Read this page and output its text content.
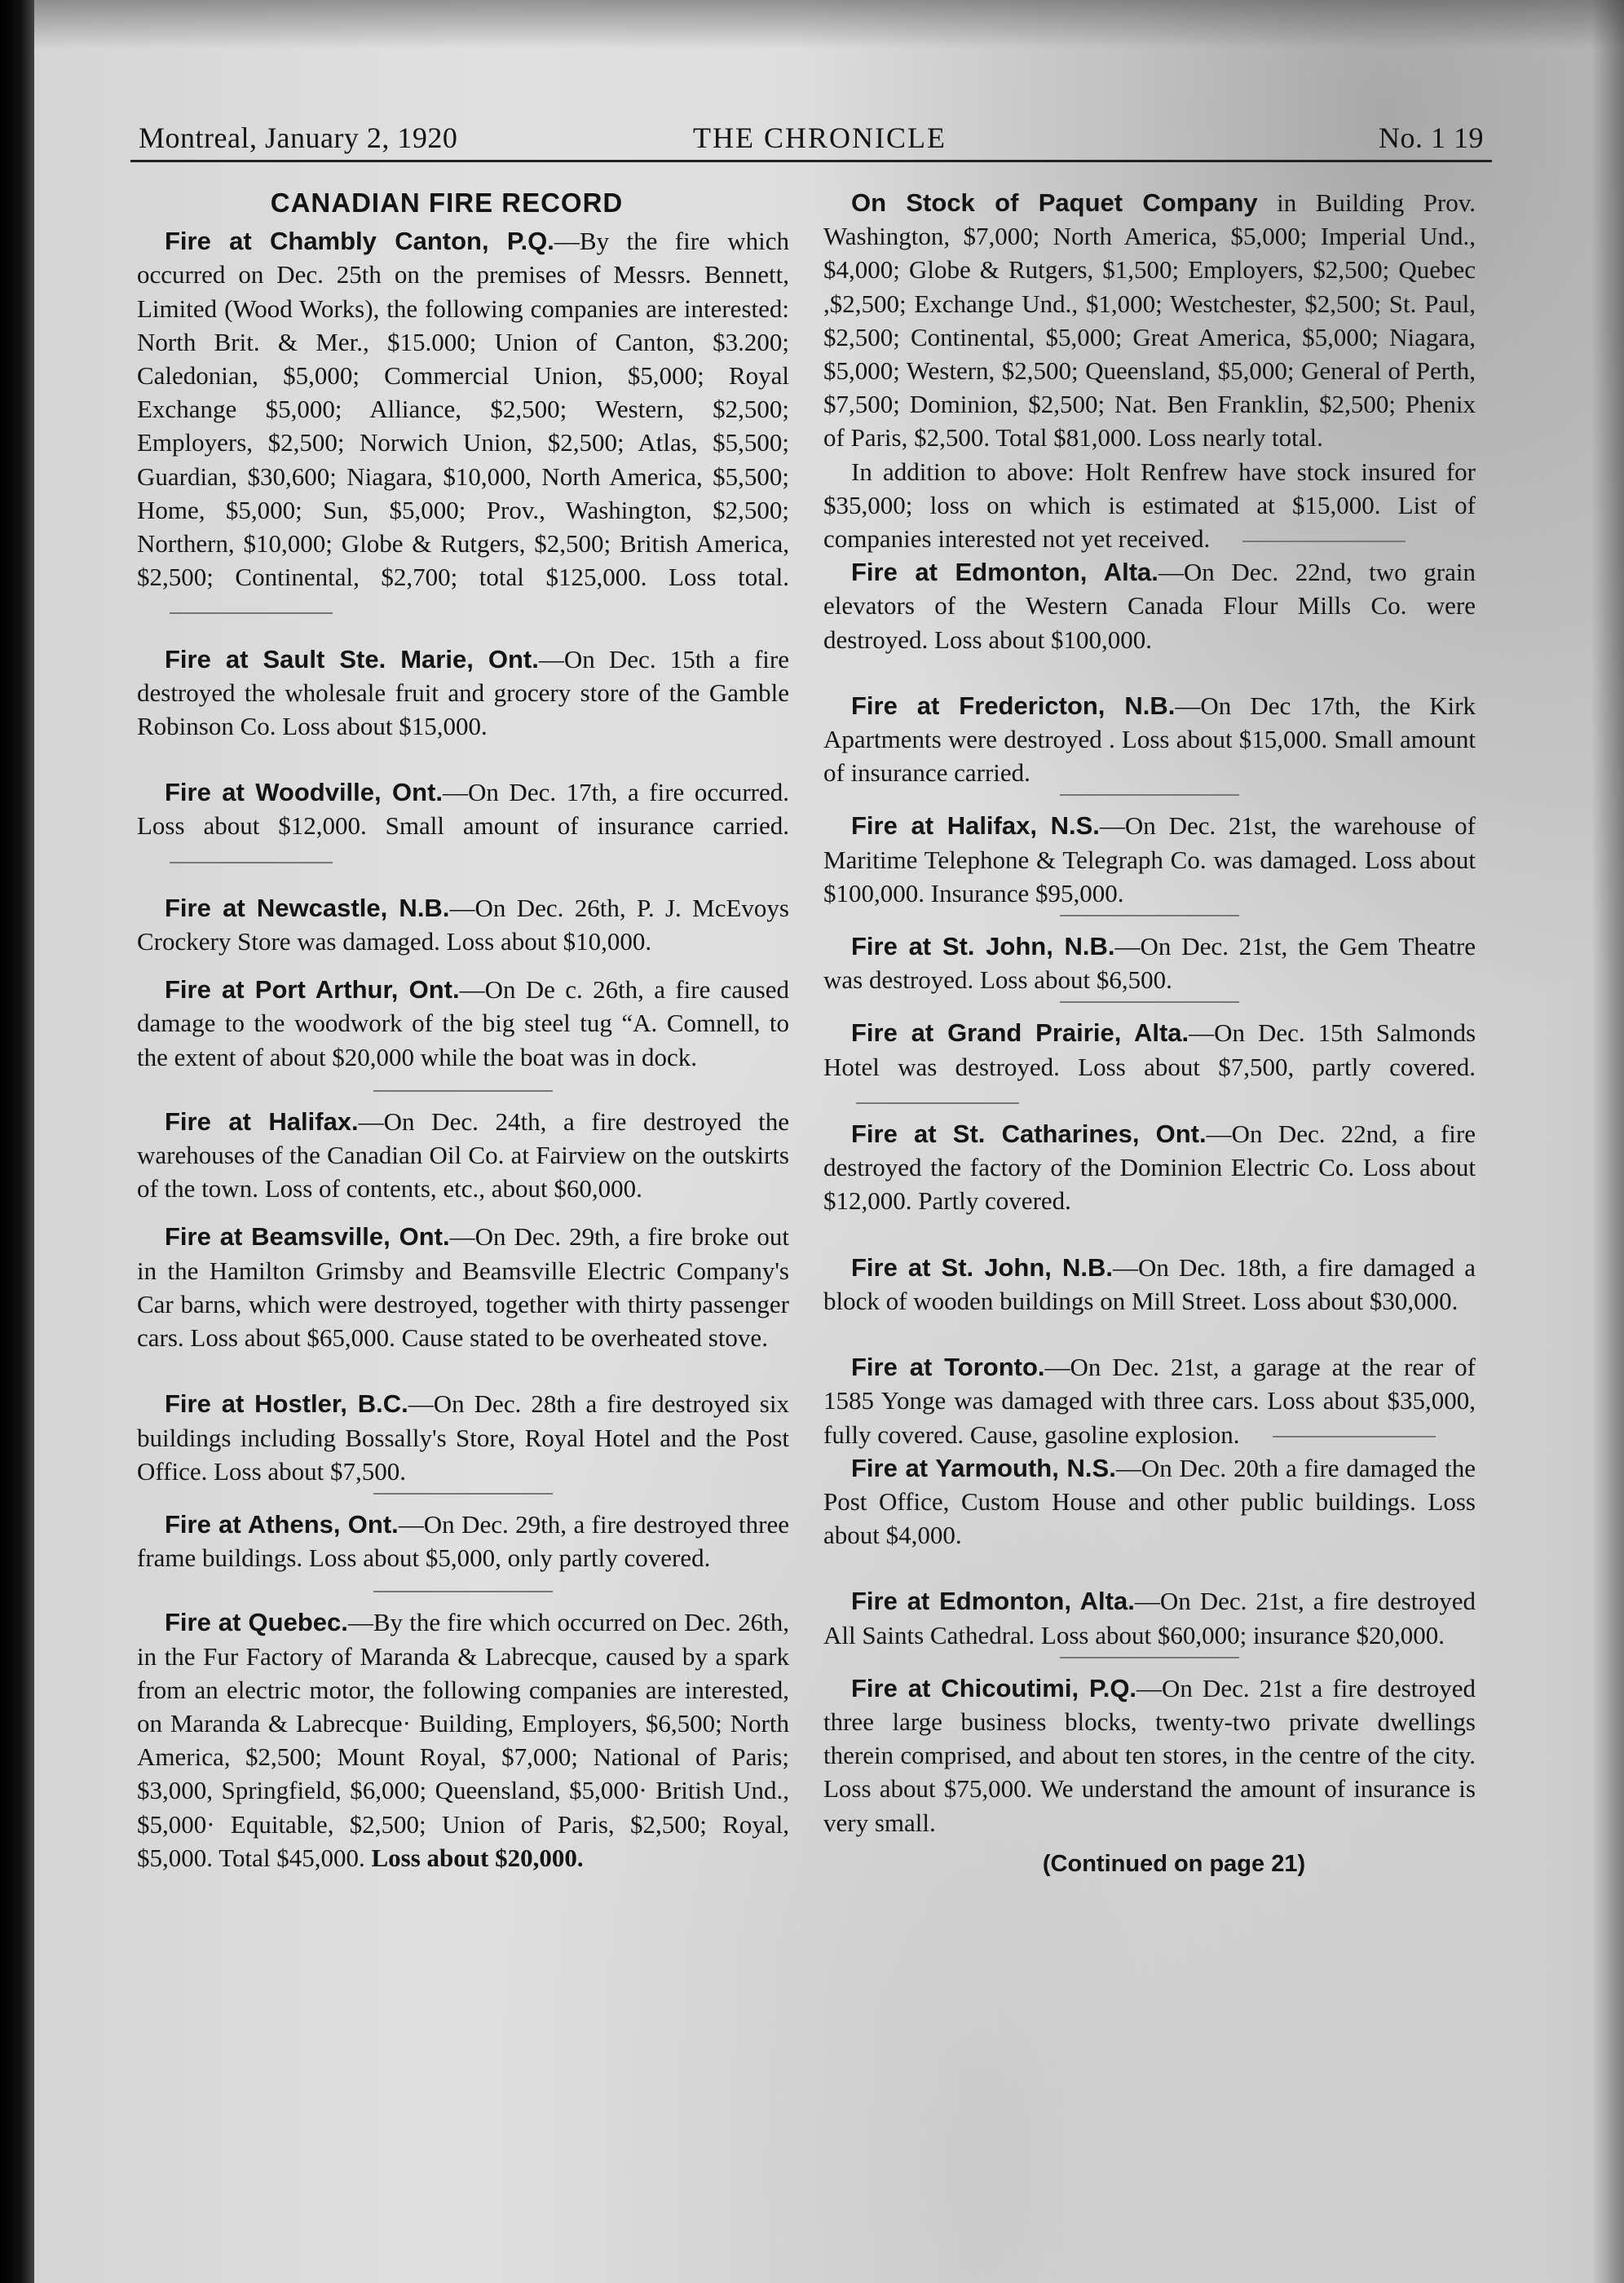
Montreal, January 2, 1920	THE CHRONICLE	No. 1 19
CANADIAN FIRE RECORD

Fire at Chambly Canton, P.Q.—By the fire which occurred on Dec. 25th on the premises of Messrs. Bennett, Limited (Wood Works), the following companies are interested: North Brit. & Mer., $15.000; Union of Canton, $3.200; Caledonian, $5,000; Commercial Union, $5,000; Royal Exchange $5,000; Alliance, $2,500; Western, $2,500; Employers, $2,500; Norwich Union, $2,500; Atlas, $5,500; Guardian, $30,600; Niagara, $10,000, North America, $5,500; Home, $5,000; Sun, $5,000; Prov., Washington, $2,500; Northern, $10,000; Globe & Rutgers, $2,500; British America, $2,500; Continental, $2,700; total $125,000. Loss total.

Fire at Sault Ste. Marie, Ont.—On Dec. 15th a fire destroyed the wholesale fruit and grocery store of the Gamble Robinson Co. Loss about $15,000.

Fire at Woodville, Ont.—On Dec. 17th, a fire occurred. Loss about $12,000. Small amount of insurance carried.

Fire at Newcastle, N.B.—On Dec. 26th, P. J. McEvoys Crockery Store was damaged. Loss about $10,000.

Fire at Port Arthur, Ont.—On De c. 26th, a fire caused damage to the woodwork of the big steel tug “A. Comnell, to the extent of about $20,000 while the boat was in dock.

Fire at Halifax.—On Dec. 24th, a fire destroyed the warehouses of the Canadian Oil Co. at Fairview on the outskirts of the town. Loss of contents, etc., about $60,000.

Fire at Beamsville, Ont.—On Dec. 29th, a fire broke out in the Hamilton Grimsby and Beamsville Electric Company's Car barns, which were destroyed, together with thirty passenger cars. Loss about $65,000. Cause stated to be overheated stove.

Fire at Hostler, B.C.—On Dec. 28th a fire destroyed six buildings including Bossally's Store, Royal Hotel and the Post Office. Loss about $7,500.

Fire at Athens, Ont.—On Dec. 29th, a fire destroyed three frame buildings. Loss about $5,000, only partly covered.

Fire at Quebec.—By the fire which occurred on Dec. 26th, in the Fur Factory of Maranda & Labrecque, caused by a spark from an electric motor, the following companies are interested, on Maranda & Labrecque· Building, Employers, $6,500; North America, $2,500; Mount Royal, $7,000; National of Paris; $3,000, Springfield, $6,000; Queensland, $5,000· British Und., $5,000· Equitable, $2,500; Union of Paris, $2,500; Royal, $5,000. Total $45,000. Loss about $20,000.

On Stock of Paquet Company in Building Prov. Washington, $7,000; North America, $5,000; Imperial Und., $4,000; Globe & Rutgers, $1,500; Employers, $2,500; Quebec ,$2,500; Exchange Und., $1,000; Westchester, $2,500; St. Paul, $2,500; Continental, $5,000; Great America, $5,000; Niagara, $5,000; Western, $2,500; Queensland, $5,000; General of Perth, $7,500; Dominion, $2,500; Nat. Ben Franklin, $2,500; Phenix of Paris, $2,500. Total $81,000. Loss nearly total.

In addition to above: Holt Renfrew have stock insured for $35,000; loss on which is estimated at $15,000. List of companies interested not yet received.

Fire at Edmonton, Alta.—On Dec. 22nd, two grain elevators of the Western Canada Flour Mills Co. were destroyed. Loss about $100,000.

Fire at Fredericton, N.B.—On Dec 17th, the Kirk Apartments were destroyed . Loss about $15,000. Small amount of insurance carried.

Fire at Halifax, N.S.—On Dec. 21st, the warehouse of Maritime Telephone & Telegraph Co. was damaged. Loss about $100,000. Insurance $95,000.

Fire at St. John, N.B.—On Dec. 21st, the Gem Theatre was destroyed. Loss about $6,500.

Fire at Grand Prairie, Alta.—On Dec. 15th Salmonds Hotel was destroyed. Loss about $7,500, partly covered.

Fire at St. Catharines, Ont.—On Dec. 22nd, a fire destroyed the factory of the Dominion Electric Co. Loss about $12,000. Partly covered.

Fire at St. John, N.B.—On Dec. 18th, a fire damaged a block of wooden buildings on Mill Street. Loss about $30,000.

Fire at Toronto.—On Dec. 21st, a garage at the rear of 1585 Yonge was damaged with three cars. Loss about $35,000, fully covered. Cause, gasoline explosion.

Fire at Yarmouth, N.S.—On Dec. 20th a fire damaged the Post Office, Custom House and other public buildings. Loss about $4,000.

Fire at Edmonton, Alta.—On Dec. 21st, a fire destroyed All Saints Cathedral. Loss about $60,000; insurance $20,000.

Fire at Chicoutimi, P.Q.—On Dec. 21st a fire destroyed three large business blocks, twenty-two private dwellings therein comprised, and about ten stores, in the centre of the city. Loss about $75,000. We understand the amount of insurance is very small.

(Continued on page 21)
